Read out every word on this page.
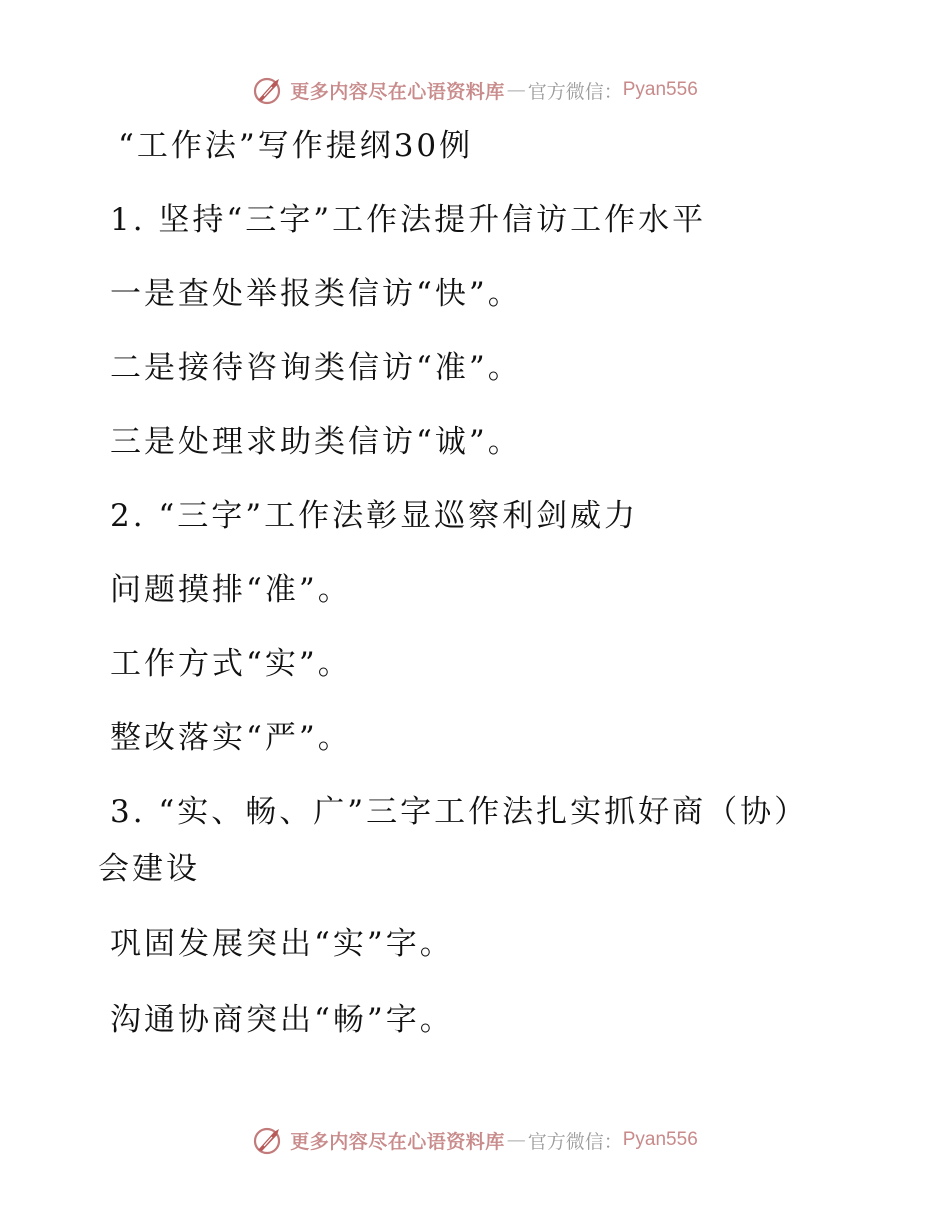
更多内容尽在心语资料库 — 官方微信： Pyan556
“工作法”写作提纲30例
1. 坚持“三字”工作法提升信访工作水平
一是查处举报类信访“快”。
二是接待咨询类信访“准”。
三是处理求助类信访“诚”。
2. “三字”工作法彰显巡察利剑威力
问题摸排“准”。
工作方式“实”。
整改落实“严”。
3. “实、畅、广”三字工作法扎实抓好商（协）
会建设
巩固发展突出“实”字。
沟通协商突出“畅”字。
更多内容尽在心语资料库 — 官方微信： Pyan556
